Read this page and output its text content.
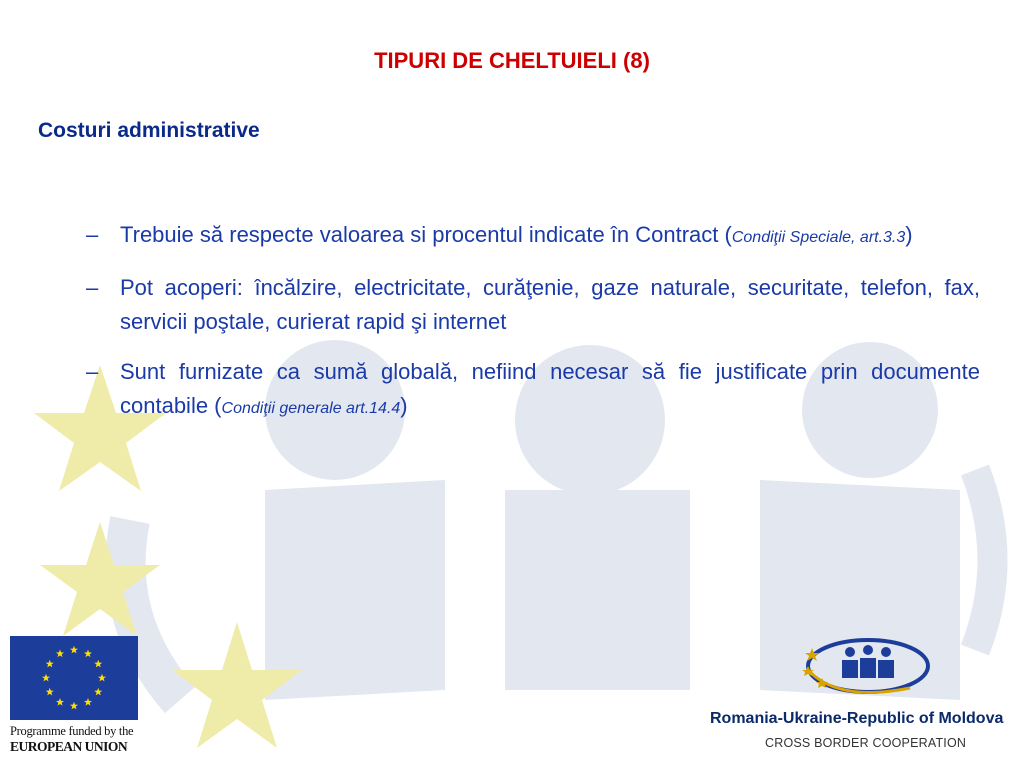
TIPURI DE CHELTUIELI (8)
Costuri administrative
– Trebuie să respecte valoarea si procentul indicate în Contract (Condiţii Speciale, art.3.3)
– Pot acoperi: încălzire, electricitate, curăţenie, gaze naturale, securitate, telefon, fax, servicii poştale, curierat rapid şi internet
– Sunt furnizate ca sumă globală, nefiind necesar să fie justificate prin documente contabile (Condiţii generale art.14.4)
Programme funded by the
EUROPEAN UNION
Romania-Ukraine-Republic of Moldova
CROSS BORDER COOPERATION
